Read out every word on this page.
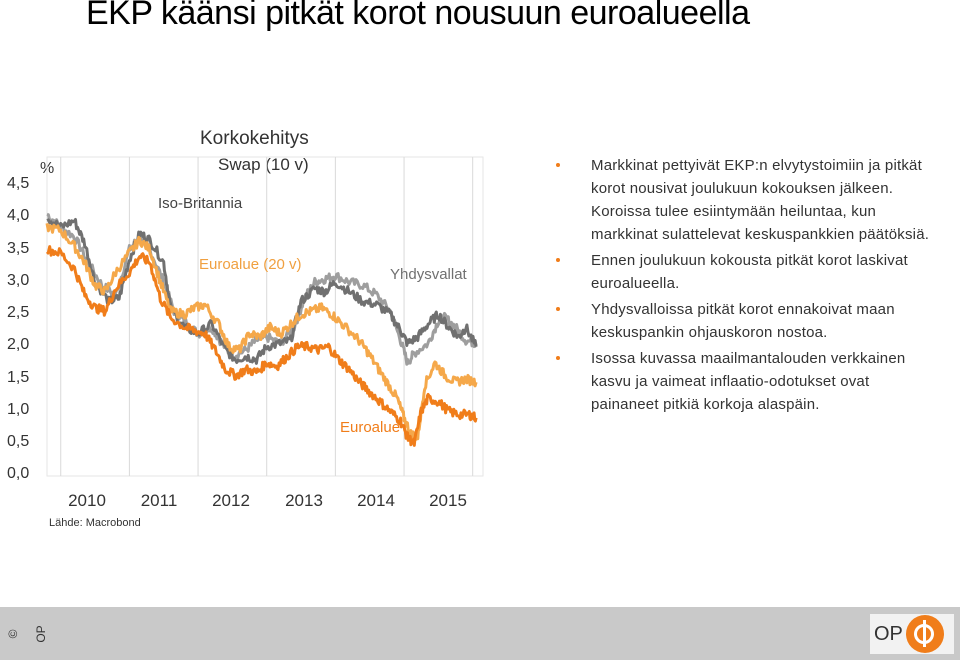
EKP käänsi pitkät korot nousuun euroalueella
Korkokehitys
Swap (10 v)
%
0,0
0,5
1,0
1,5
2,0
2,5
3,0
3,5
4,0
4,5
2010	2011	2012	2013	2014	2015
Iso-Britannia
Yhdysvallat
Euroalue (20 v)
Euroalue
Lähde: Macrobond
Markkinat pettyivät EKP:n elvytystoimiin ja pitkät korot nousivat joulukuun kokouksen jälkeen. Koroissa tulee esiintymään heiluntaa, kun markkinat sulattelevat keskuspankkien päätöksiä.
Ennen joulukuun kokousta pitkät korot laskivat euroalueella.
Yhdysvalloissa pitkät korot ennakoivat maan keskuspankin ohjauskoron nostoa.
Isossa kuvassa maailmantalouden verkkainen kasvu ja vaimeat inflaatio-odotukset ovat painaneet pitkiä korkoja alaspäin.
© OP	OP
